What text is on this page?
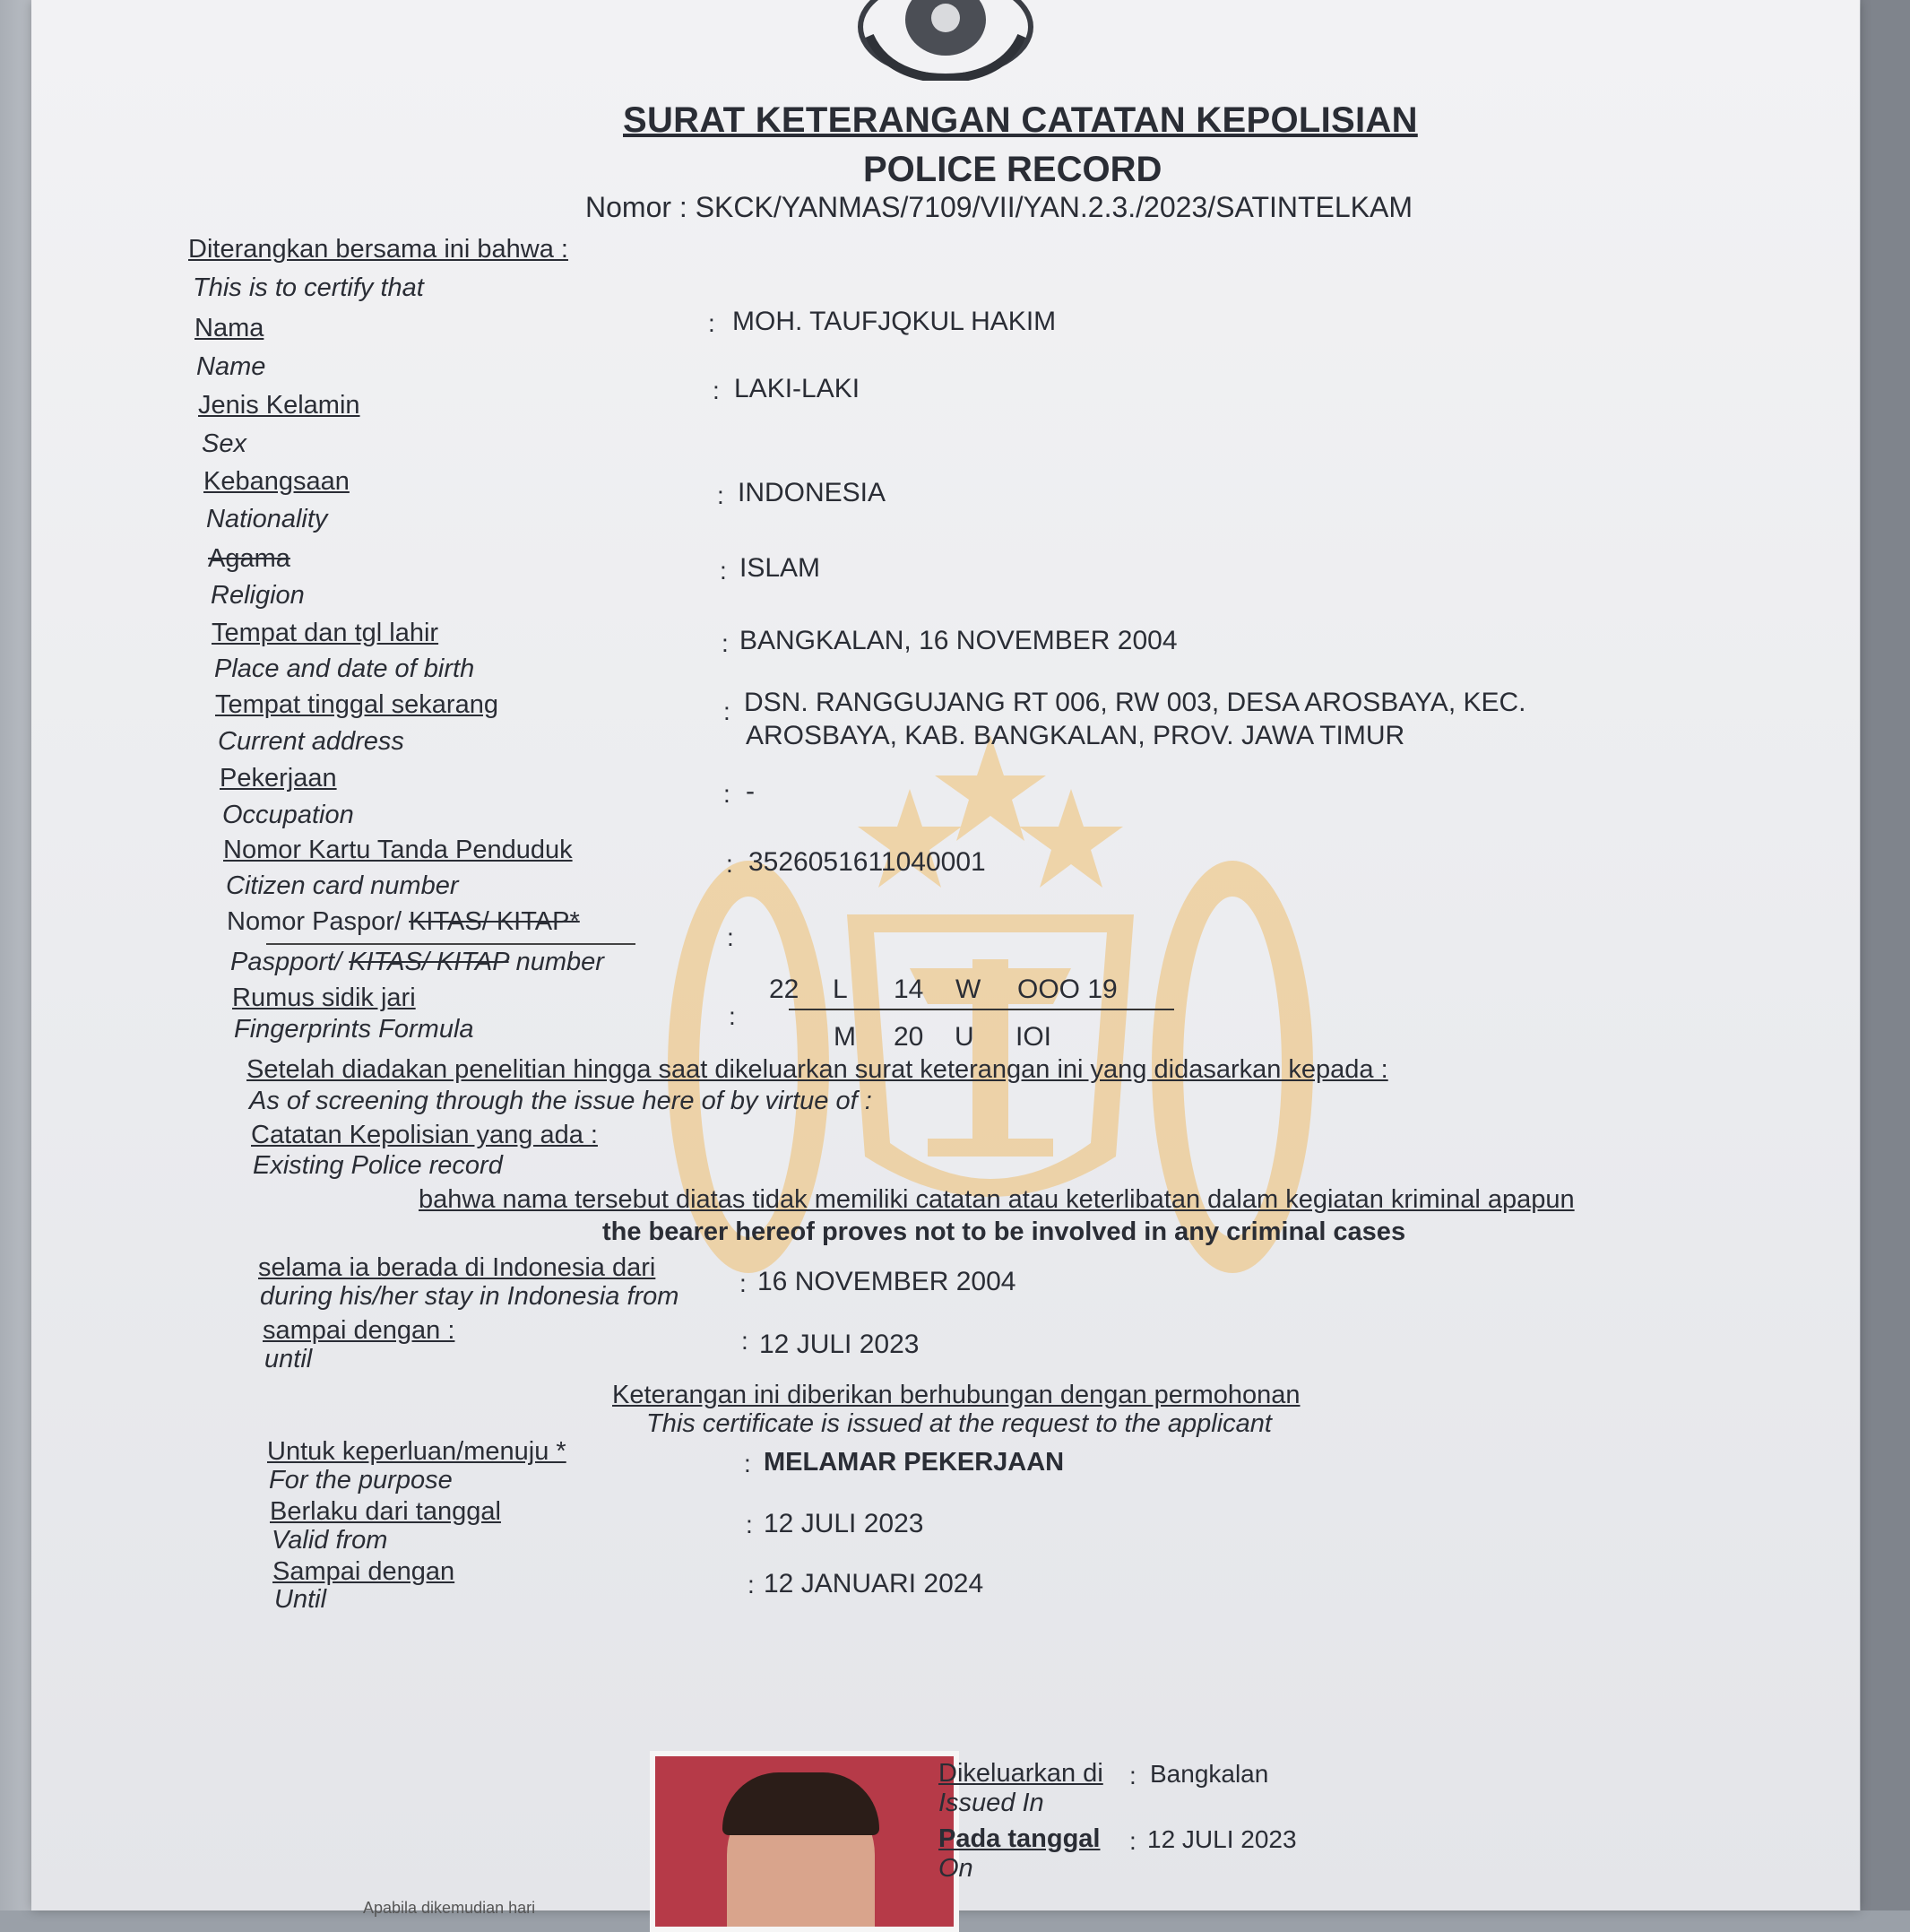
SURAT KETERANGAN CATATAN KEPOLISIAN
POLICE RECORD
Nomor : SKCK/YANMAS/7109/VII/YAN.2.3./2023/SATINTELKAM
Diterangkan bersama ini bahwa :
This is to certify that
Nama
Name
: MOH. TAUFJQKUL HAKIM
Jenis Kelamin
Sex
: LAKI-LAKI
Kebangsaan
Nationality
: INDONESIA
Agama
Religion
: ISLAM
Tempat dan tgl lahir
Place and date of birth
: BANGKALAN, 16 NOVEMBER 2004
Tempat tinggal sekarang
Current address
: DSN. RANGGUJANG RT 006, RW 003, DESA AROSBAYA, KEC.
AROSBAYA, KAB. BANGKALAN, PROV. JAWA TIMUR
Pekerjaan
Occupation
: -
Nomor Kartu Tanda Penduduk
Citizen card number
: 3526051611040001
Nomor Paspor/ KITAS/ KITAP*
Paspport/ KITAS/ KITAP number
:
Rumus sidik jari
Fingerprints Formula	:
22 L 14 W OOO 19
M 20 U IOI
Setelah diadakan penelitian hingga saat dikeluarkan surat keterangan ini yang didasarkan kepada :
As of screening through the issue here of by virtue of :
Catatan Kepolisian yang ada :
Existing Police record
bahwa nama tersebut diatas tidak memiliki catatan atau keterlibatan dalam kegiatan kriminal apapun
the bearer hereof proves not to be involved in any criminal cases
selama ia berada di Indonesia dari
during his/her stay in Indonesia from : 16 NOVEMBER 2004
sampai dengan :
until
: 12 JULI 2023
Keterangan ini diberikan berhubungan dengan permohonan
This certificate is issued at the request to the applicant
Untuk keperluan/menuju *
For the purpose
: MELAMAR PEKERJAAN
Berlaku dari tanggal
Valid from
: 12 JULI 2023
Sampai dengan
Until
: 12 JANUARI 2024
Dikeluarkan di
Issued In
: Bangkalan
Pada tanggal
On
: 12 JULI 2023
Apabila dikemudian hari
